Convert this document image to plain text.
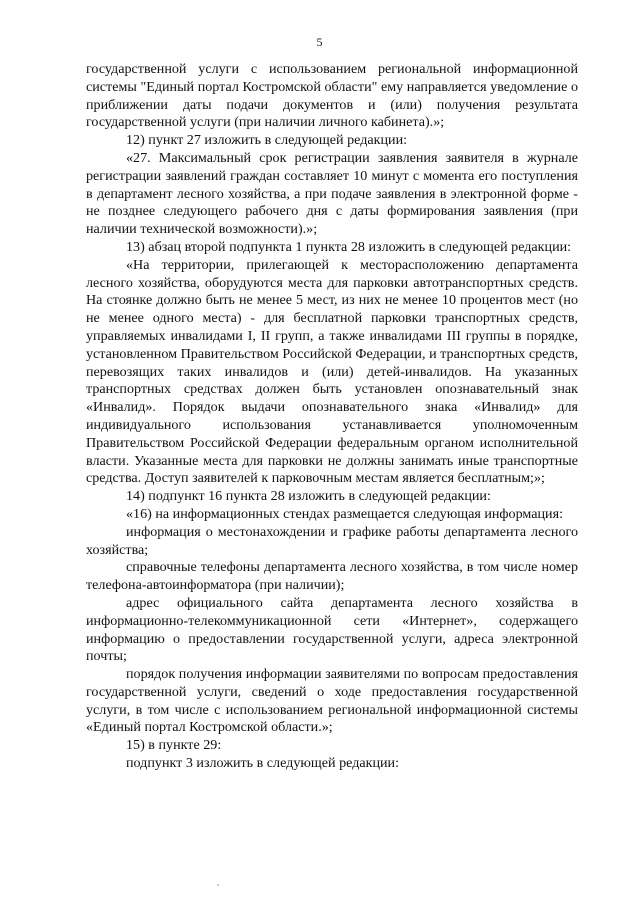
5

государственной услуги с использованием региональной информационной системы "Единый портал Костромской области" ему направляется уведомление о приближении даты подачи документов и (или) получения результата государственной услуги (при наличии личного кабинета).»;

12) пункт 27 изложить в следующей редакции:

«27. Максимальный срок регистрации заявления заявителя в журнале регистрации заявлений граждан составляет 10 минут с момента его поступления в департамент лесного хозяйства, а при подаче заявления в электронной форме - не позднее следующего рабочего дня с даты формирования заявления (при наличии технической возможности).»;

13) абзац второй подпункта 1 пункта 28 изложить в следующей редакции:

«На территории, прилегающей к месторасположению департамента лесного хозяйства, оборудуются места для парковки автотранспортных средств. На стоянке должно быть не менее 5 мест, из них не менее 10 процентов мест (но не менее одного места) - для бесплатной парковки транспортных средств, управляемых инвалидами I, II групп, а также инвалидами III группы в порядке, установленном Правительством Российской Федерации, и транспортных средств, перевозящих таких инвалидов и (или) детей-инвалидов. На указанных транспортных средствах должен быть установлен опознавательный знак «Инвалид». Порядок выдачи опознавательного знака «Инвалид» для индивидуального использования устанавливается уполномоченным Правительством Российской Федерации федеральным органом исполнительной власти. Указанные места для парковки не должны занимать иные транспортные средства. Доступ заявителей к парковочным местам является бесплатным;»;

14) подпункт 16 пункта 28 изложить в следующей редакции:

«16) на информационных стендах размещается следующая информация:

информация о местонахождении и графике работы департамента лесного хозяйства;

справочные телефоны департамента лесного хозяйства, в том числе номер телефона-автоинформатора (при наличии);

адрес официального сайта департамента лесного хозяйства в информационно-телекоммуникационной сети «Интернет», содержащего информацию о предоставлении государственной услуги, адреса электронной почты;

порядок получения информации заявителями по вопросам предоставления государственной услуги, сведений о ходе предоставления государственной услуги, в том числе с использованием региональной информационной системы «Единый портал Костромской области.»;

15) в пункте 29:

подпункт 3 изложить в следующей редакции:
